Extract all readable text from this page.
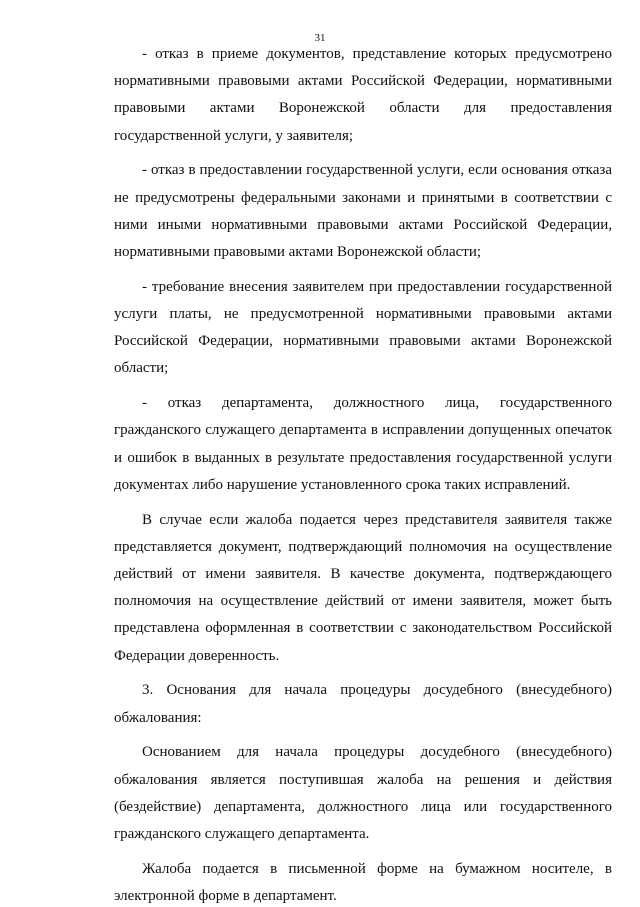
31
- отказ в приеме документов, представление которых предусмотрено
нормативными правовыми актами Российской Федерации, нормативными
правовыми актами Воронежской области для предоставления
государственной услуги, у заявителя;
- отказ в предоставлении государственной услуги, если основания отказа
не предусмотрены федеральными законами и принятыми в соответствии с
ними иными нормативными правовыми актами Российской Федерации,
нормативными правовыми актами Воронежской области;
- требование внесения заявителем при предоставлении государственной
услуги платы, не предусмотренной нормативными правовыми актами
Российской Федерации, нормативными правовыми актами Воронежской
области;
- отказ департамента, должностного лица, государственного
гражданского служащего департамента в исправлении допущенных опечаток
и ошибок в выданных в результате предоставления государственной услуги
документах либо нарушение установленного срока таких исправлений.
В случае если жалоба подается через представителя заявителя также
представляется документ, подтверждающий полномочия на осуществление
действий от имени заявителя. В качестве документа, подтверждающего
полномочия на осуществление действий от имени заявителя, может быть
представлена оформленная в соответствии с законодательством Российской
Федерации доверенность.
3. Основания для начала процедуры досудебного (внесудебного)
обжалования:
Основанием для начала процедуры досудебного (внесудебного)
обжалования является поступившая жалоба на решения и действия
(бездействие) департамента, должностного лица или государственного
гражданского служащего департамента.
Жалоба подается в письменной форме на бумажном носителе, в
электронной форме в департамент.
